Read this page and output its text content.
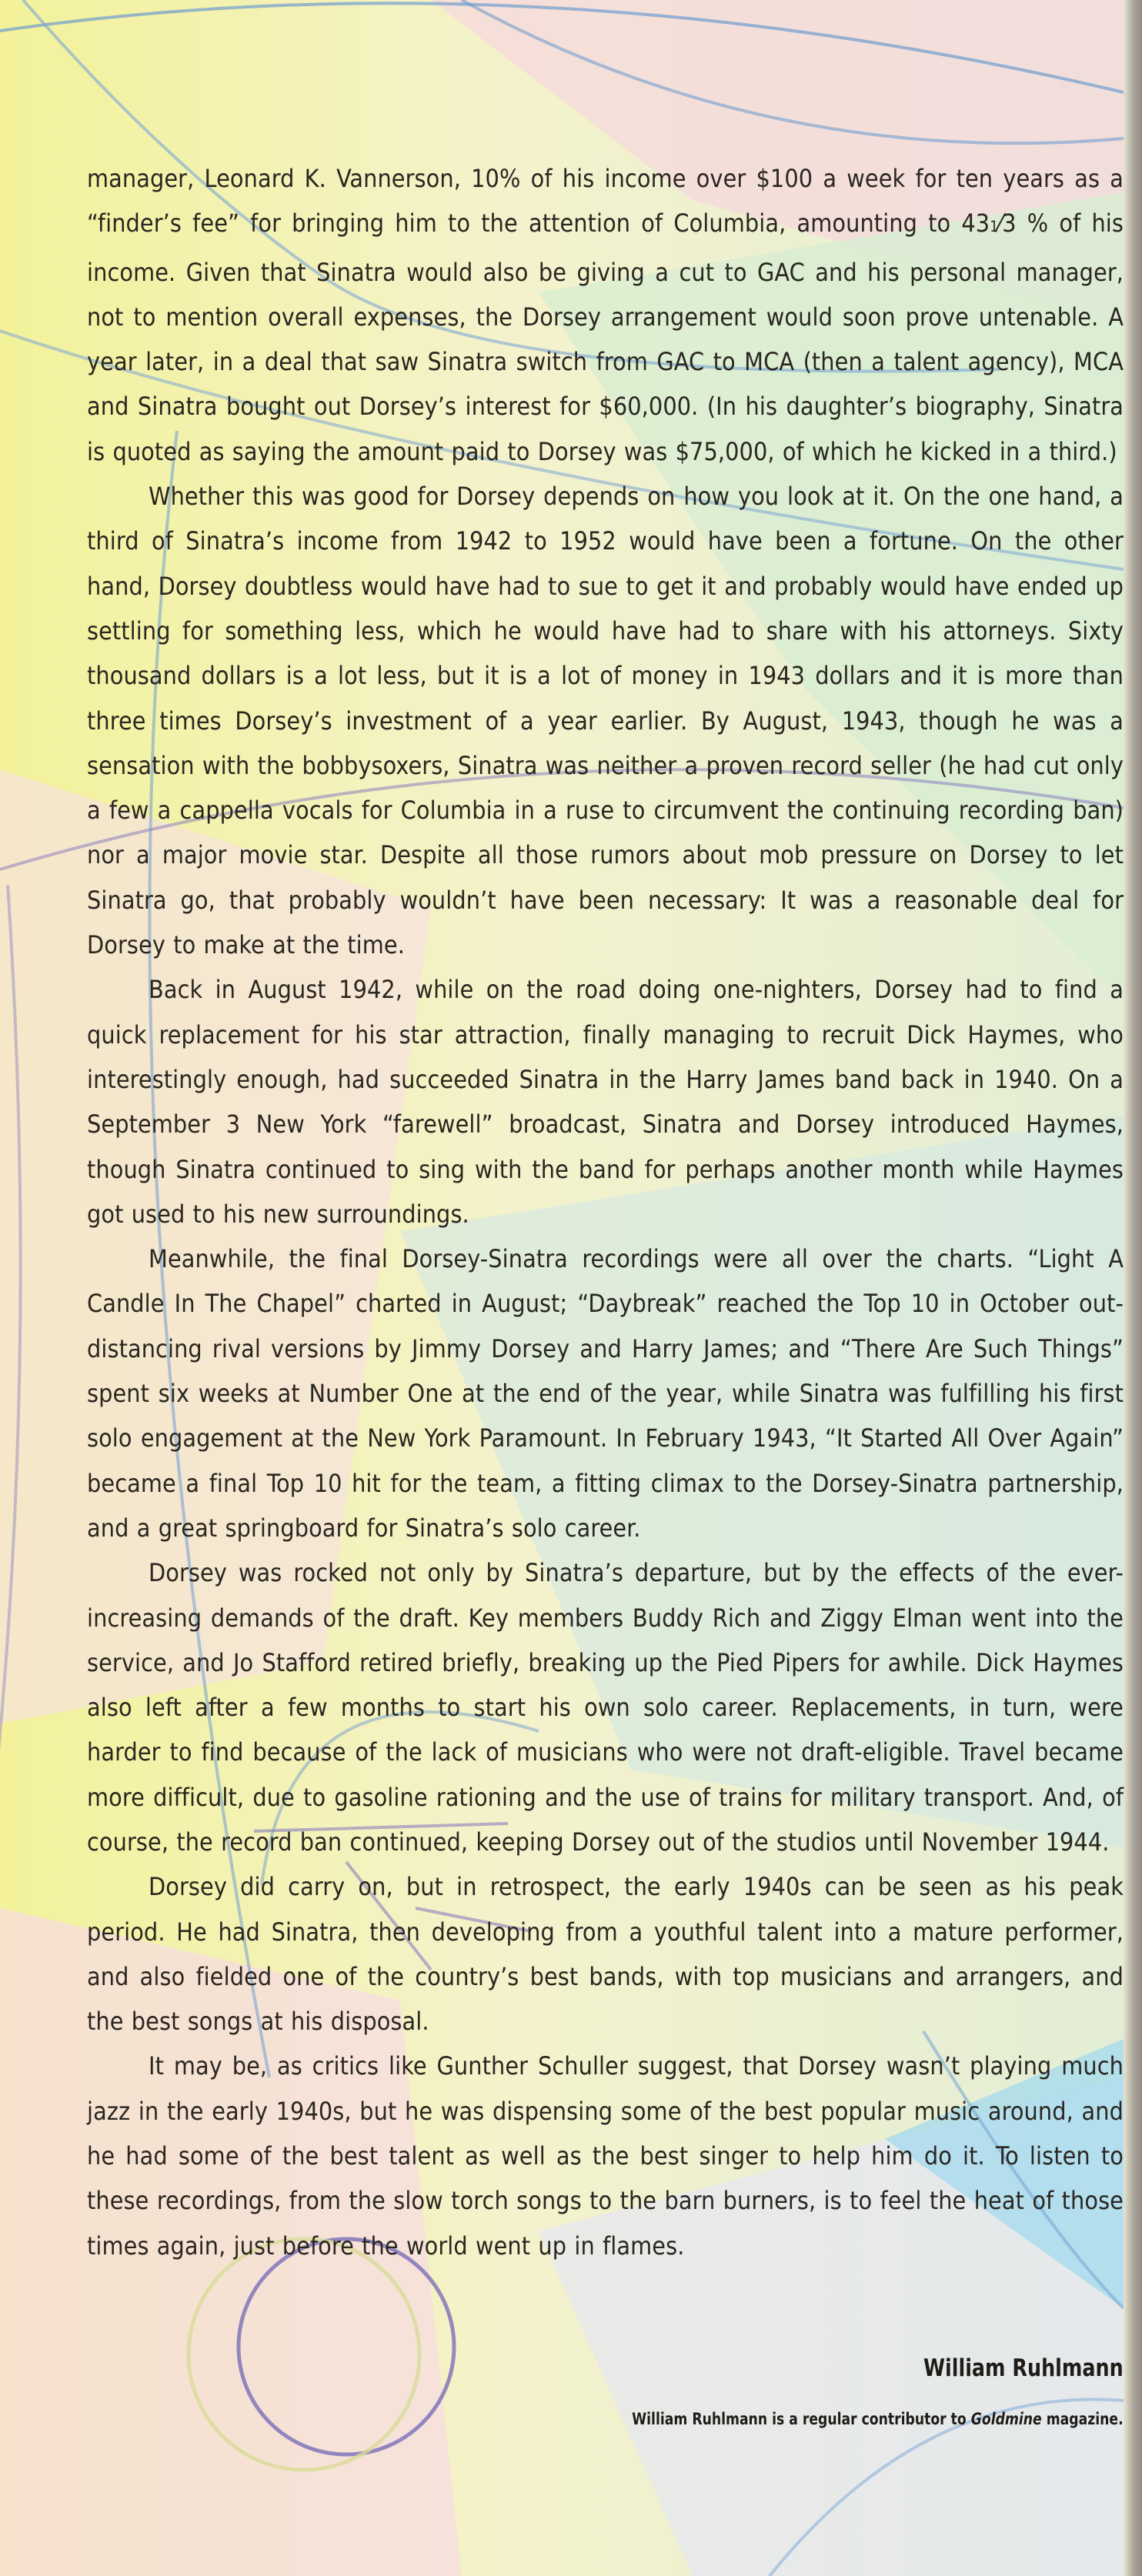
manager, Leonard K. Vannerson, 10% of his income over $100 a week for ten years as a “finder’s fee” for bringing him to the attention of Columbia, amounting to 431⁄3 % of his income. Given that Sinatra would also be giving a cut to GAC and his personal manager, not to mention overall expenses, the Dorsey arrangement would soon prove untenable. A year later, in a deal that saw Sinatra switch from GAC to MCA (then a talent agency), MCA and Sinatra bought out Dorsey’s interest for $60,000. (In his daughter’s biography, Sinatra is quoted as saying the amount paid to Dorsey was $75,000, of which he kicked in a third.)

Whether this was good for Dorsey depends on how you look at it. On the one hand, a third of Sinatra’s income from 1942 to 1952 would have been a fortune. On the other hand, Dorsey doubtless would have had to sue to get it and probably would have ended up settling for something less, which he would have had to share with his attorneys. Sixty thousand dollars is a lot less, but it is a lot of money in 1943 dollars and it is more than three times Dorsey’s investment of a year earlier. By August, 1943, though he was a sensation with the bobbysoxers, Sinatra was neither a proven record seller (he had cut only a few a cappella vocals for Columbia in a ruse to circumvent the continuing recording ban) nor a major movie star. Despite all those rumors about mob pressure on Dorsey to let Sinatra go, that probably wouldn’t have been necessary: It was a reasonable deal for Dorsey to make at the time.

Back in August 1942, while on the road doing one-nighters, Dorsey had to find a quick replacement for his star attraction, finally managing to recruit Dick Haymes, who interestingly enough, had succeeded Sinatra in the Harry James band back in 1940. On a September 3 New York “farewell” broadcast, Sinatra and Dorsey introduced Haymes, though Sinatra continued to sing with the band for perhaps another month while Haymes got used to his new surroundings.

Meanwhile, the final Dorsey-Sinatra recordings were all over the charts. “Light A Candle In The Chapel” charted in August; “Daybreak” reached the Top 10 in October out-distancing rival versions by Jimmy Dorsey and Harry James; and “There Are Such Things” spent six weeks at Number One at the end of the year, while Sinatra was fulfilling his first solo engagement at the New York Paramount. In February 1943, “It Started All Over Again” became a final Top 10 hit for the team, a fitting climax to the Dorsey-Sinatra partnership, and a great springboard for Sinatra’s solo career.

Dorsey was rocked not only by Sinatra’s departure, but by the effects of the ever-increasing demands of the draft. Key members Buddy Rich and Ziggy Elman went into the service, and Jo Stafford retired briefly, breaking up the Pied Pipers for awhile. Dick Haymes also left after a few months to start his own solo career. Replacements, in turn, were harder to find because of the lack of musicians who were not draft-eligible. Travel became more difficult, due to gasoline rationing and the use of trains for military transport. And, of course, the record ban continued, keeping Dorsey out of the studios until November 1944.

Dorsey did carry on, but in retrospect, the early 1940s can be seen as his peak period. He had Sinatra, then developing from a youthful talent into a mature performer, and also fielded one of the country’s best bands, with top musicians and arrangers, and the best songs at his disposal.

It may be, as critics like Gunther Schuller suggest, that Dorsey wasn’t playing much jazz in the early 1940s, but he was dispensing some of the best popular music around, and he had some of the best talent as well as the best singer to help him do it. To listen to these recordings, from the slow torch songs to the barn burners, is to feel the heat of those times again, just before the world went up in flames.

William Ruhlmann
William Ruhlmann is a regular contributor to Goldmine magazine.
